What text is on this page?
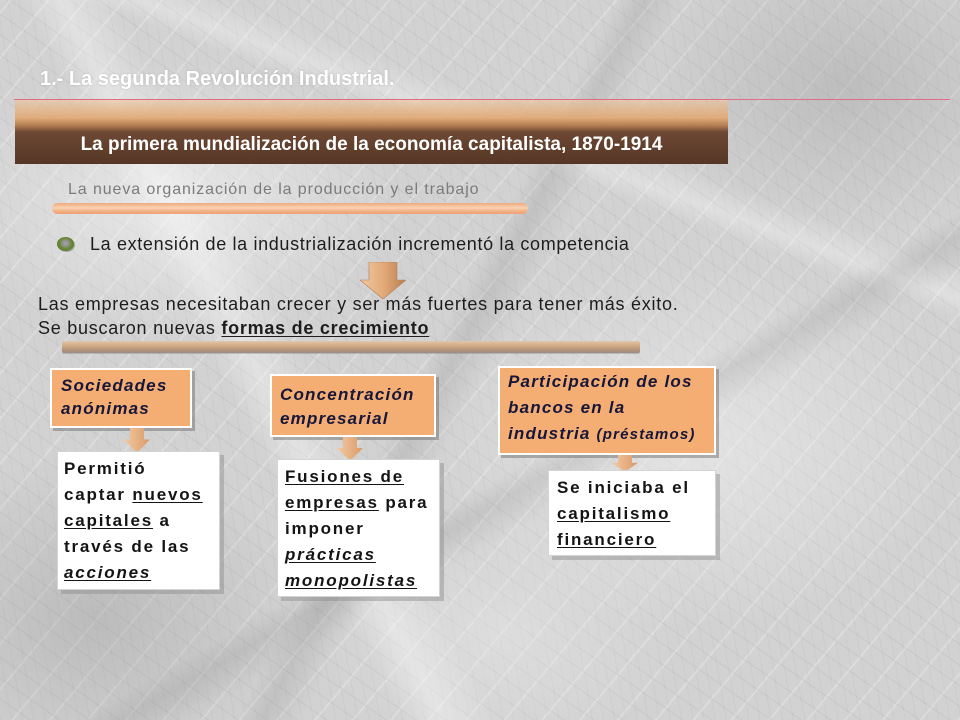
1.- La segunda Revolución Industrial.
La primera mundialización de la economía capitalista, 1870-1914
La nueva organización de la producción y el trabajo
La extensión de la industrialización incrementó la competencia
Las empresas necesitaban crecer y ser más fuertes para tener más éxito.
Se buscaron nuevas formas de crecimiento
Sociedades
anónimas
Permitió
captar nuevos
capitales a
través de las
acciones
Concentración
empresarial
Fusiones de
empresas para
imponer
prácticas
monopolistas
Participación de los
bancos en la
industria (préstamos)
Se iniciaba el
capitalismo
financiero
